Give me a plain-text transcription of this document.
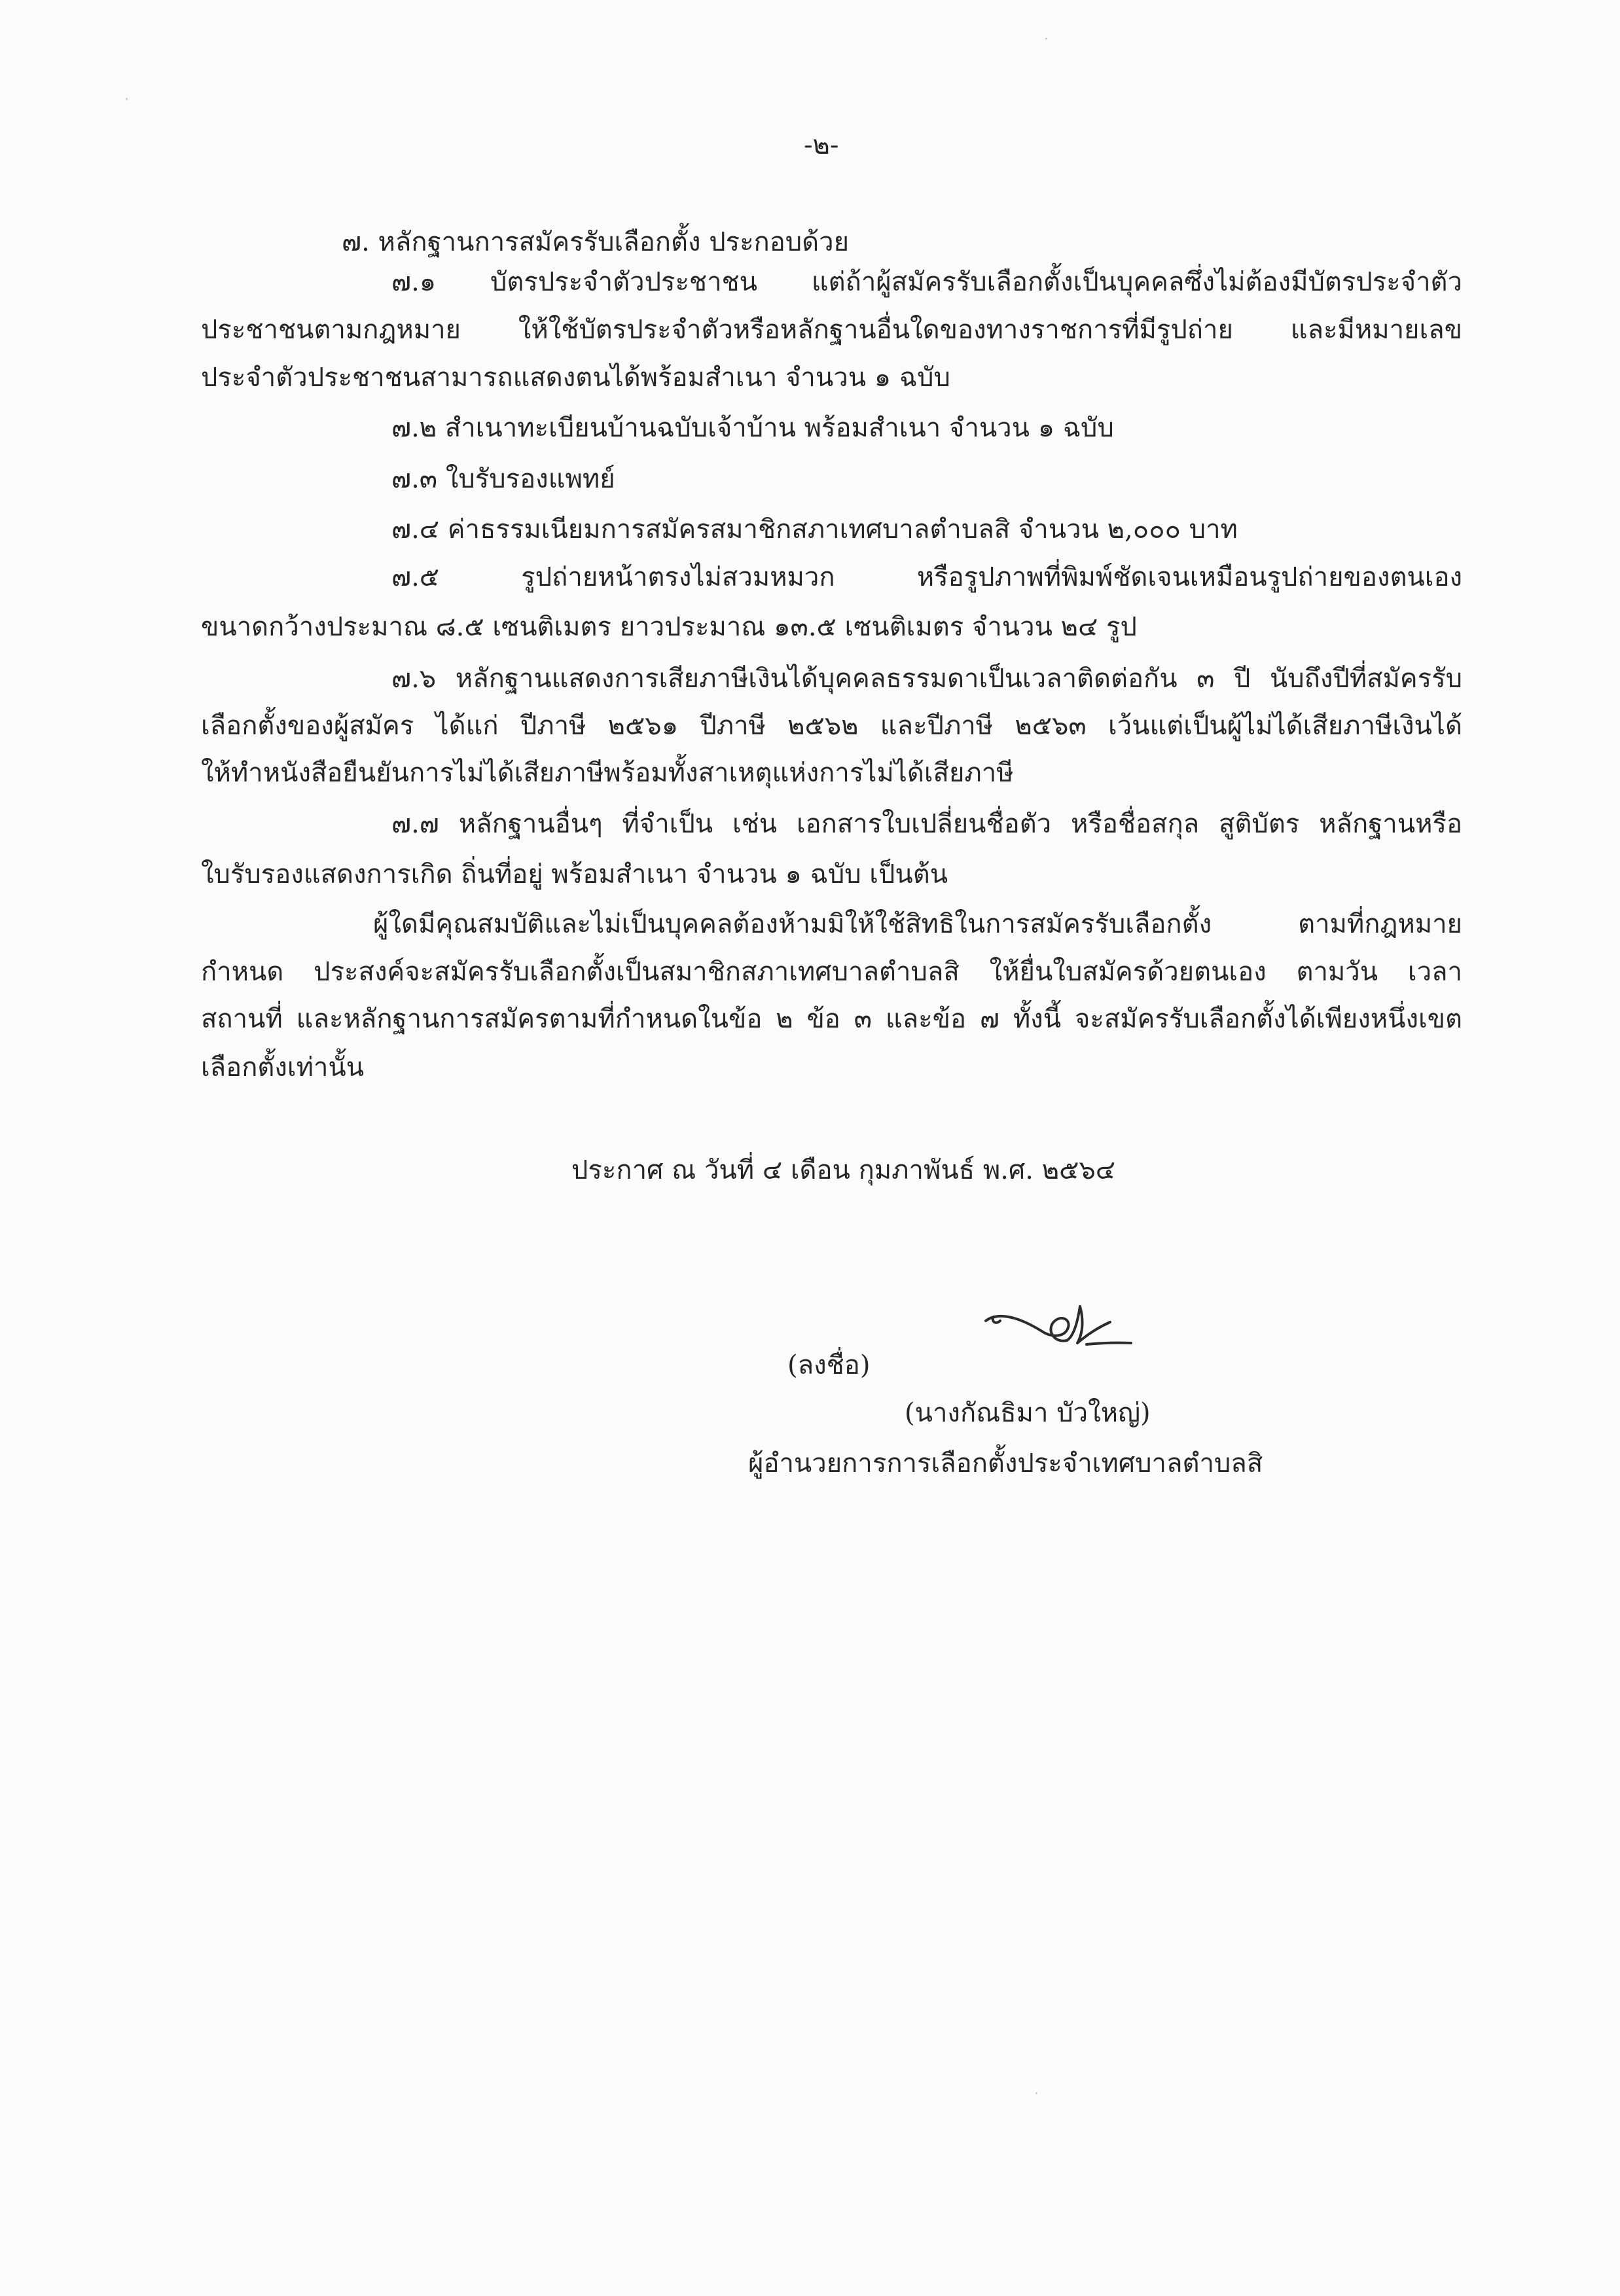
·
·
-๒-
๗. หลักฐานการสมัครรับเลือกตั้ง ประกอบด้วย
๗.๑ บัตรประจำตัวประชาชน แต่ถ้าผู้สมัครรับเลือกตั้งเป็นบุคคลซึ่งไม่ต้องมีบัตรประจำตัว
ประชาชนตามกฎหมาย ให้ใช้บัตรประจำตัวหรือหลักฐานอื่นใดของทางราชการที่มีรูปถ่าย และมีหมายเลข
ประจำตัวประชาชนสามารถแสดงตนได้พร้อมสำเนา จำนวน ๑ ฉบับ
๗.๒ สำเนาทะเบียนบ้านฉบับเจ้าบ้าน พร้อมสำเนา จำนวน ๑ ฉบับ
๗.๓ ใบรับรองแพทย์
๗.๔ ค่าธรรมเนียมการสมัครสมาชิกสภาเทศบาลตำบลสิ จำนวน ๒,๐๐๐ บาท
๗.๕ รูปถ่ายหน้าตรงไม่สวมหมวก หรือรูปภาพที่พิมพ์ชัดเจนเหมือนรูปถ่ายของตนเอง
ขนาดกว้างประมาณ ๘.๕ เซนติเมตร ยาวประมาณ ๑๓.๕ เซนติเมตร จำนวน ๒๔ รูป
๗.๖ หลักฐานแสดงการเสียภาษีเงินได้บุคคลธรรมดาเป็นเวลาติดต่อกัน ๓ ปี นับถึงปีที่สมัครรับ
เลือกตั้งของผู้สมัคร ได้แก่ ปีภาษี ๒๕๖๑ ปีภาษี ๒๕๖๒ และปีภาษี ๒๕๖๓ เว้นแต่เป็นผู้ไม่ได้เสียภาษีเงินได้
ให้ทำหนังสือยืนยันการไม่ได้เสียภาษีพร้อมทั้งสาเหตุแห่งการไม่ได้เสียภาษี
๗.๗ หลักฐานอื่นๆ ที่จำเป็น เช่น เอกสารใบเปลี่ยนชื่อตัว หรือชื่อสกุล สูติบัตร หลักฐานหรือ
ใบรับรองแสดงการเกิด ถิ่นที่อยู่ พร้อมสำเนา จำนวน ๑ ฉบับ เป็นต้น
ผู้ใดมีคุณสมบัติและไม่เป็นบุคคลต้องห้ามมิให้ใช้สิทธิในการสมัครรับเลือกตั้ง ตามที่กฎหมาย
กำหนด ประสงค์จะสมัครรับเลือกตั้งเป็นสมาชิกสภาเทศบาลตำบลสิ ให้ยื่นใบสมัครด้วยตนเอง ตามวัน เวลา
สถานที่ และหลักฐานการสมัครตามที่กำหนดในข้อ ๒ ข้อ ๓ และข้อ ๗ ทั้งนี้ จะสมัครรับเลือกตั้งได้เพียงหนึ่งเขต
เลือกตั้งเท่านั้น
ประกาศ ณ วันที่ ๔ เดือน กุมภาพันธ์ พ.ศ. ๒๕๖๔
(ลงชื่อ)
(นางกัณธิมา บัวใหญ่)
ผู้อำนวยการการเลือกตั้งประจำเทศบาลตำบลสิ
˙
